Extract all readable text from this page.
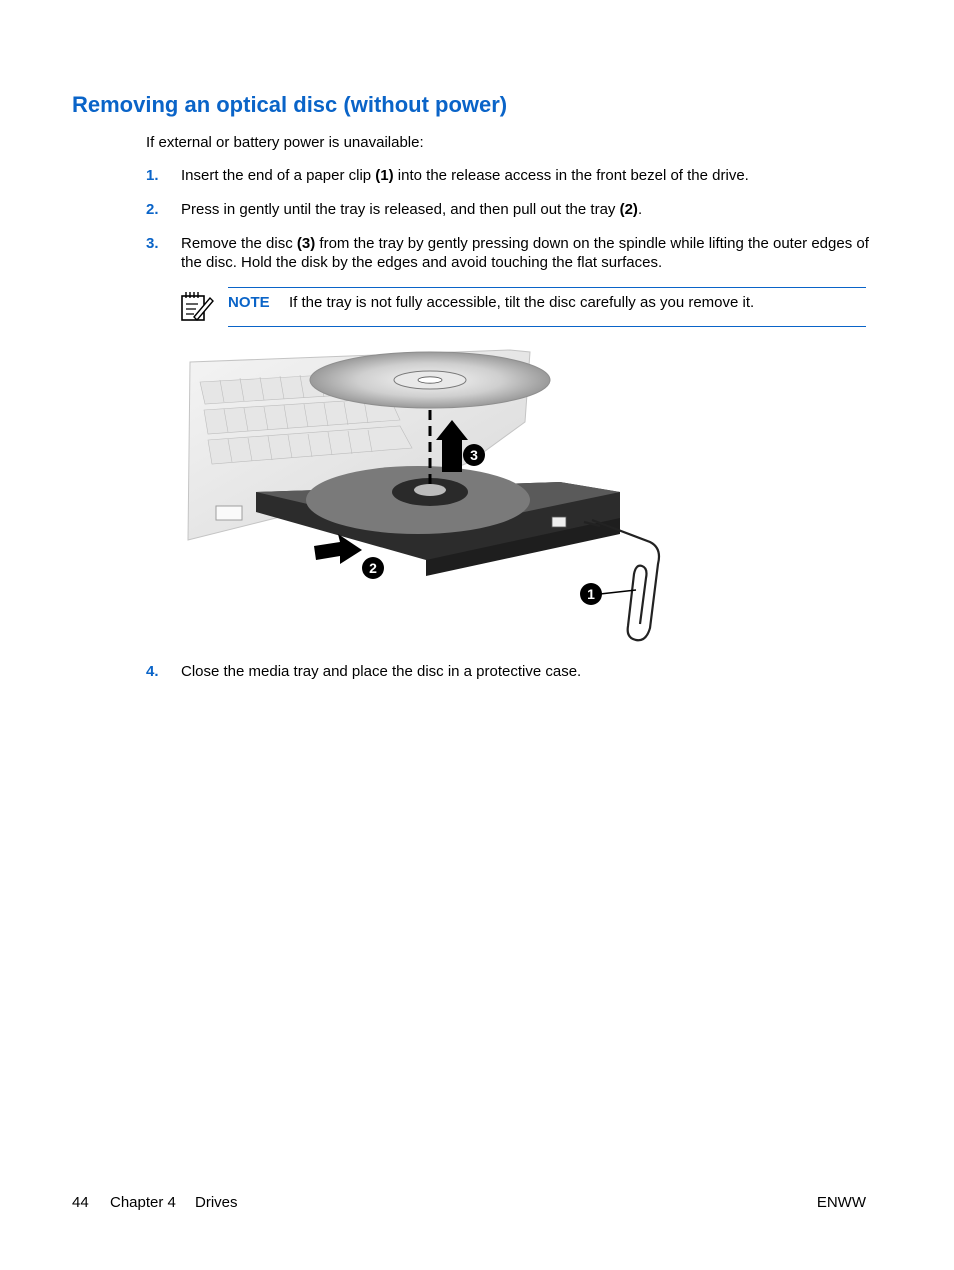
Removing an optical disc (without power)
If external or battery power is unavailable:
1. Insert the end of a paper clip (1) into the release access in the front bezel of the drive.
2. Press in gently until the tray is released, and then pull out the tray (2).
3. Remove the disc (3) from the tray by gently pressing down on the spindle while lifting the outer edges of the disc. Hold the disk by the edges and avoid touching the flat surfaces.
NOTE If the tray is not fully accessible, tilt the disc carefully as you remove it.
1
2
3
4. Close the media tray and place the disc in a protective case.
44 Chapter 4 Drives	ENWW
